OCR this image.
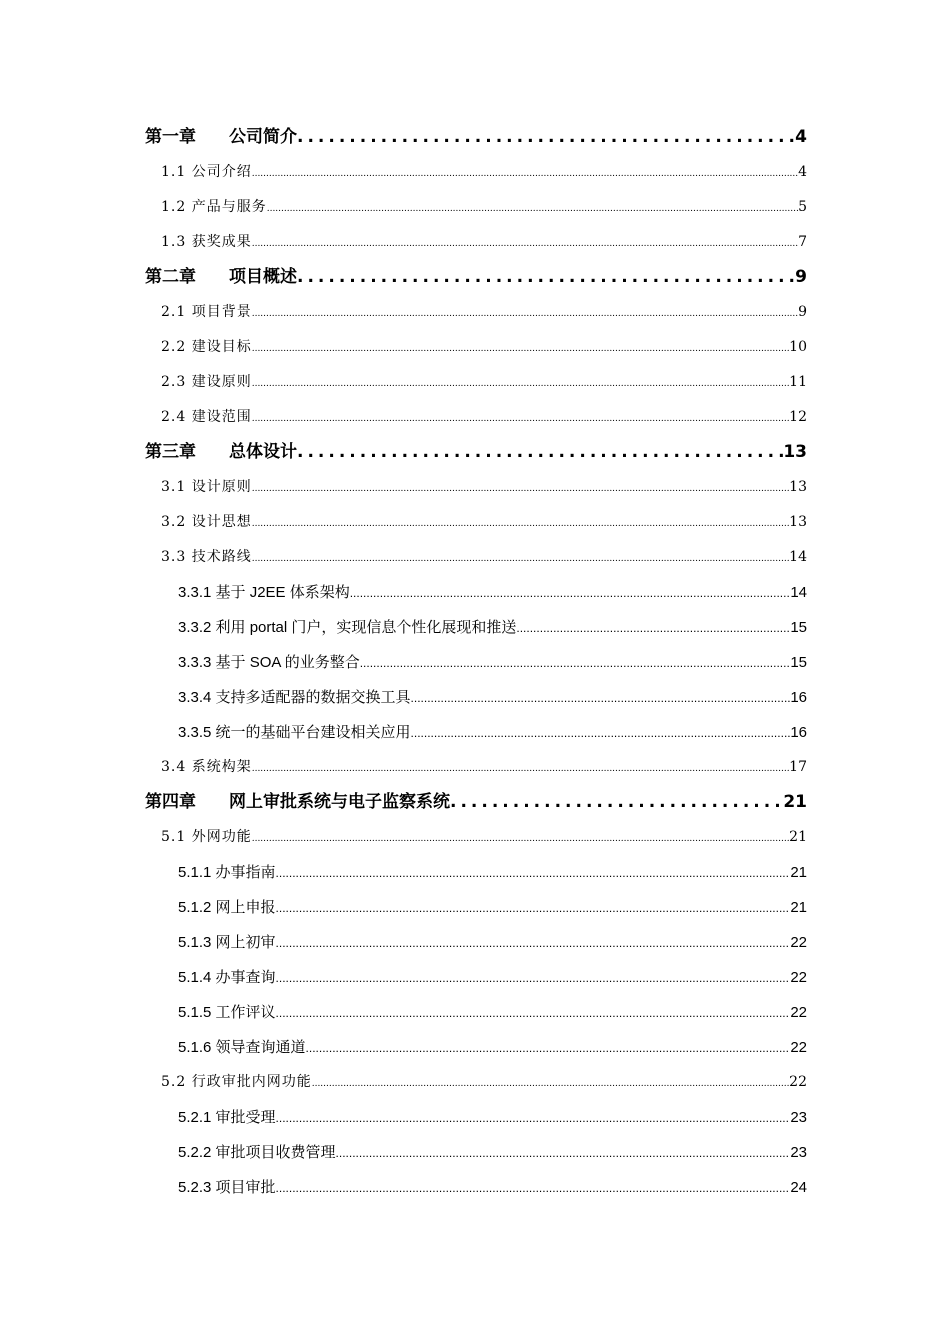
第一章 公司简介 .....	4
1.1 公司介绍 .....	4
1.2 产品与服务 .....	5
1.3 获奖成果 .....	7
第二章 项目概述 .....	9
2.1 项目背景 .....	9
2.2 建设目标 .....	10
2.3 建设原则 .....	11
2.4 建设范围 .....	12
第三章 总体设计 .....	13
3.1 设计原则 .....	13
3.2 设计思想 .....	13
3.3 技术路线 .....	14
3.3.1 基于 J2EE 体系架构 .....	14
3.3.2 利用 portal 门户，实现信息个性化展现和推送 .....	15
3.3.3 基于 SOA 的业务整合 .....	15
3.3.4 支持多适配器的数据交换工具 .....	16
3.3.5 统一的基础平台建设相关应用 .....	16
3.4 系统构架 .....	17
第四章 网上审批系统与电子监察系统 .....	21
5.1 外网功能 .....	21
5.1.1 办事指南 .....	21
5.1.2 网上申报 .....	21
5.1.3 网上初审 .....	22
5.1.4 办事查询 .....	22
5.1.5 工作评议 .....	22
5.1.6 领导查询通道 .....	22
5.2 行政审批内网功能 .....	22
5.2.1 审批受理 .....	23
5.2.2 审批项目收费管理 .....	23
5.2.3 项目审批 .....	24
